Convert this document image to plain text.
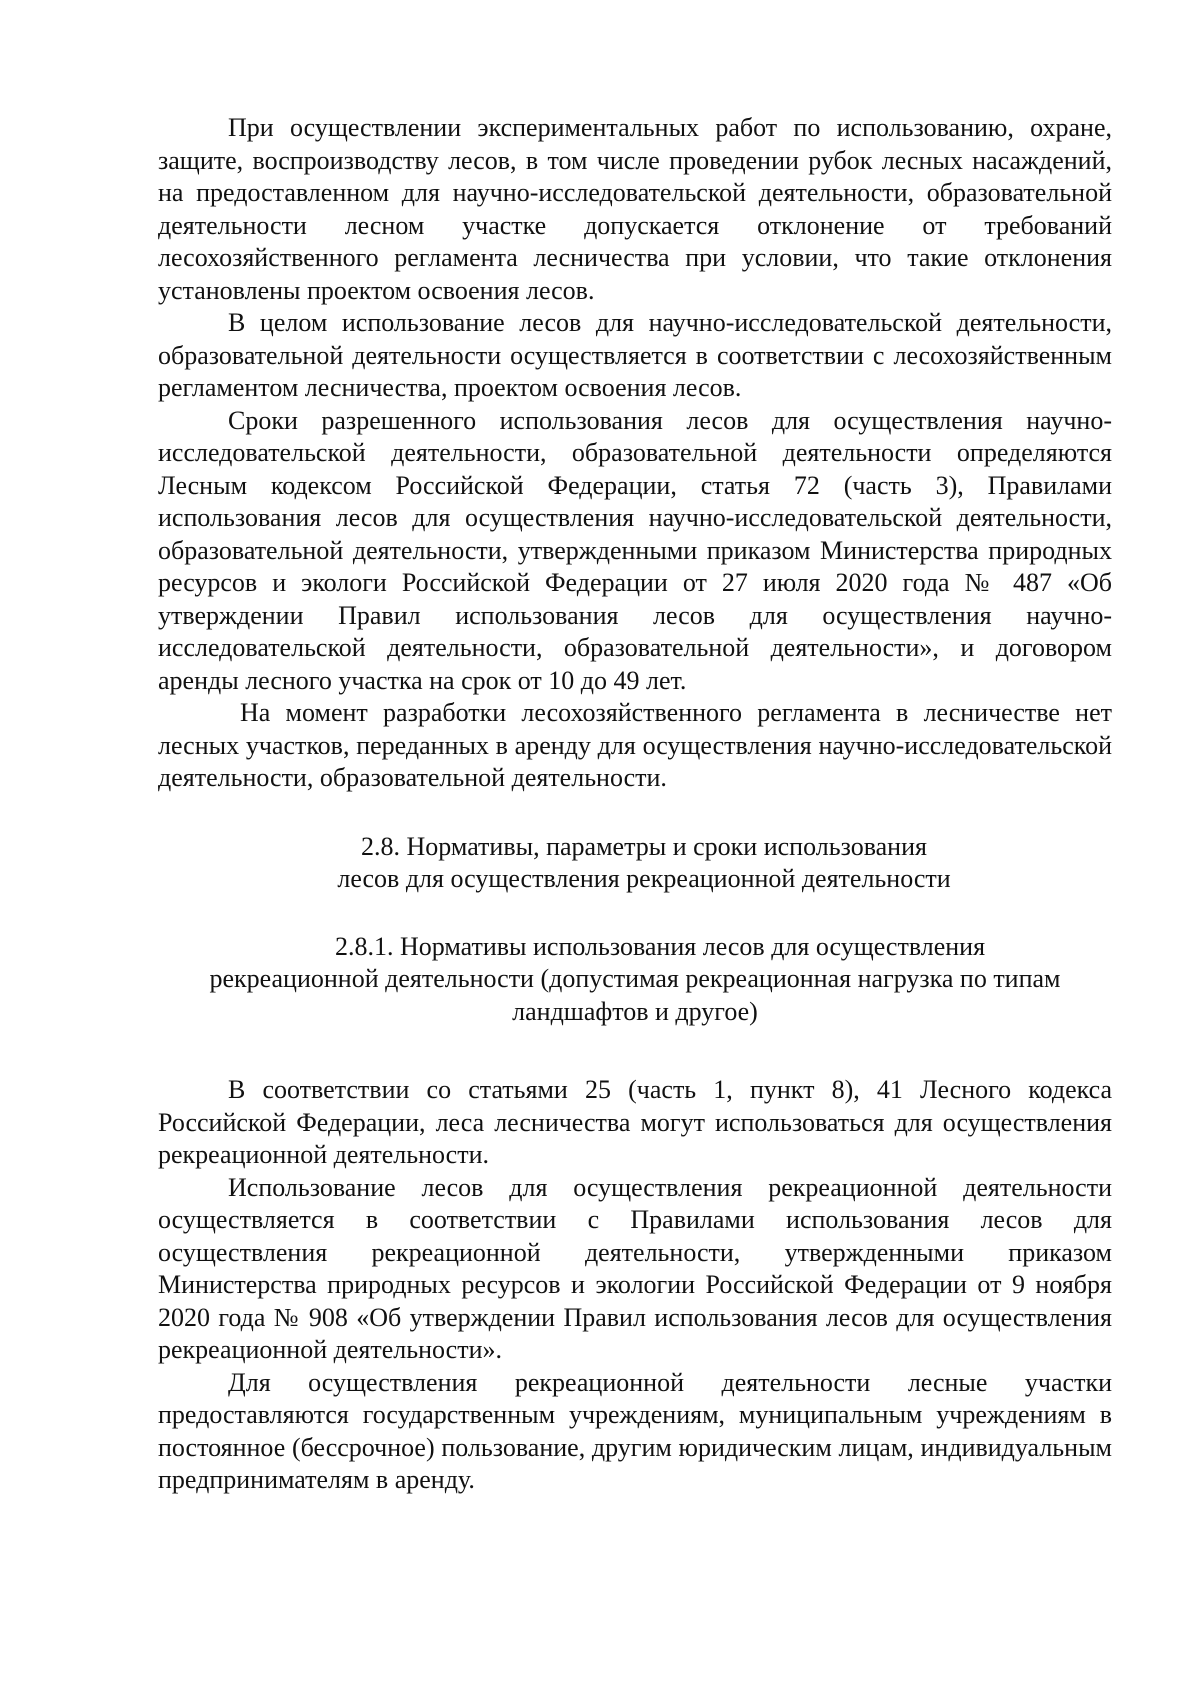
При осуществлении экспериментальных работ по использованию, охране, защите, воспроизводству лесов, в том числе проведении рубок лесных насаждений, на предоставленном для научно-исследовательской деятельности, образовательной деятельности лесном участке допускается отклонение от требований лесохозяйственного регламента лесничества при условии, что такие отклонения установлены проектом освоения лесов.

В целом использование лесов для научно-исследовательской деятельности, образовательной деятельности осуществляется в соответствии с лесохозяйственным регламентом лесничества, проектом освоения лесов.

Сроки разрешенного использования лесов для осуществления научно-исследовательской деятельности, образовательной деятельности определяются Лесным кодексом Российской Федерации, статья 72 (часть 3), Правилами использования лесов для осуществления научно-исследовательской деятельности, образовательной деятельности, утвержденными приказом Министерства природных ресурсов и экологи Российской Федерации от 27 июля 2020 года № 487 «Об утверждении Правил использования лесов для осуществления научно-исследовательской деятельности, образовательной деятельности», и договором аренды лесного участка на срок от 10 до 49 лет.

На момент разработки лесохозяйственного регламента в лесничестве нет лесных участков, переданных в аренду для осуществления научно-исследовательской деятельности, образовательной деятельности.

2.8. Нормативы, параметры и сроки использования
лесов для осуществления рекреационной деятельности
2.8.1. Нормативы использования лесов для осуществления
рекреационной деятельности (допустимая рекреационная нагрузка по типам
ландшафтов и другое)

В соответствии со статьями 25 (часть 1, пункт 8), 41 Лесного кодекса Российской Федерации, леса лесничества могут использоваться для осуществления рекреационной деятельности.

Использование лесов для осуществления рекреационной деятельности осуществляется в соответствии с Правилами использования лесов для осуществления рекреационной деятельности, утвержденными приказом Министерства природных ресурсов и экологии Российской Федерации от 9 ноября 2020 года № 908 «Об утверждении Правил использования лесов для осуществления рекреационной деятельности».

Для осуществления рекреационной деятельности лесные участки предоставляются государственным учреждениям, муниципальным учреждениям в постоянное (бессрочное) пользование, другим юридическим лицам, индивидуальным предпринимателям в аренду.
